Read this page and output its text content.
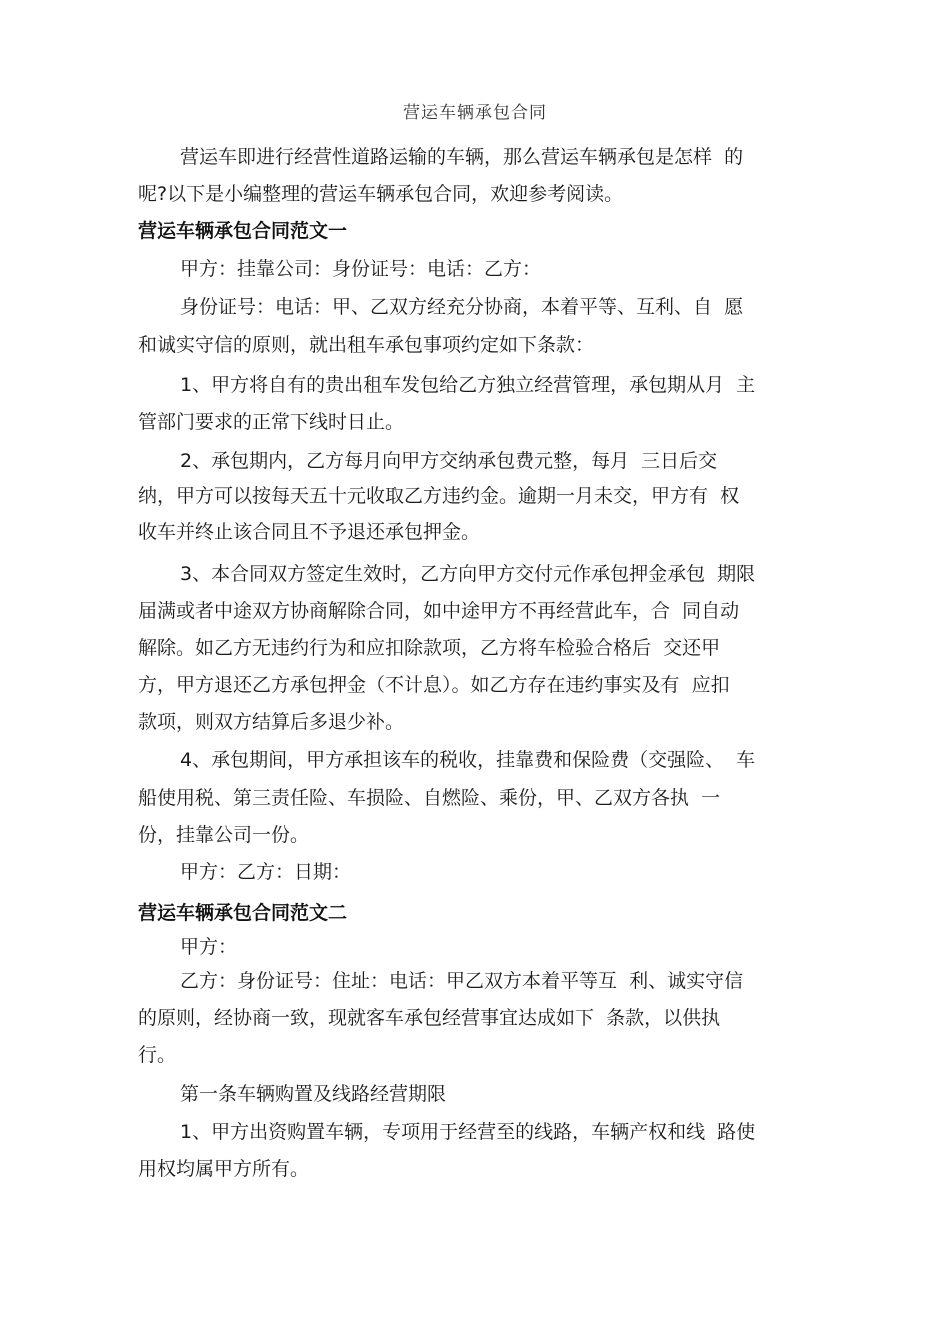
营运车辆承包合同
营运车即进行经营性道路运输的车辆，那么营运车辆承包是怎样  的
呢?以下是小编整理的营运车辆承包合同，欢迎参考阅读。
营运车辆承包合同范文一
甲方：挂靠公司：身份证号：电话：乙方：
身份证号：电话：甲、乙双方经充分协商，本着平等、互利、自  愿
和诚实守信的原则，就出租车承包事项约定如下条款：
1、甲方将自有的贵出租车发包给乙方独立经营管理，承包期从月  主
管部门要求的正常下线时日止。
2、承包期内，乙方每月向甲方交纳承包费元整，每月  三日后交
纳，甲方可以按每天五十元收取乙方违约金。逾期一月未交，甲方有  权
收车并终止该合同且不予退还承包押金。
3、本合同双方签定生效时，乙方向甲方交付元作承包押金承包  期限
届满或者中途双方协商解除合同，如中途甲方不再经营此车，合  同自动
解除。如乙方无违约行为和应扣除款项，乙方将车检验合格后  交还甲
方，甲方退还乙方承包押金（不计息）。如乙方存在违约事实及有  应扣
款项，则双方结算后多退少补。
4、承包期间，甲方承担该车的税收，挂靠费和保险费（交强险、  车
船使用税、第三责任险、车损险、自燃险、乘份，甲、乙双方各执  一
份，挂靠公司一份。
甲方：乙方：日期：
营运车辆承包合同范文二
甲方：
乙方：身份证号：住址：电话：甲乙双方本着平等互  利、诚实守信
的原则，经协商一致，现就客车承包经营事宜达成如下  条款，以供执
行。
第一条车辆购置及线路经营期限
1、甲方出资购置车辆，专项用于经营至的线路，车辆产权和线  路使
用权均属甲方所有。
